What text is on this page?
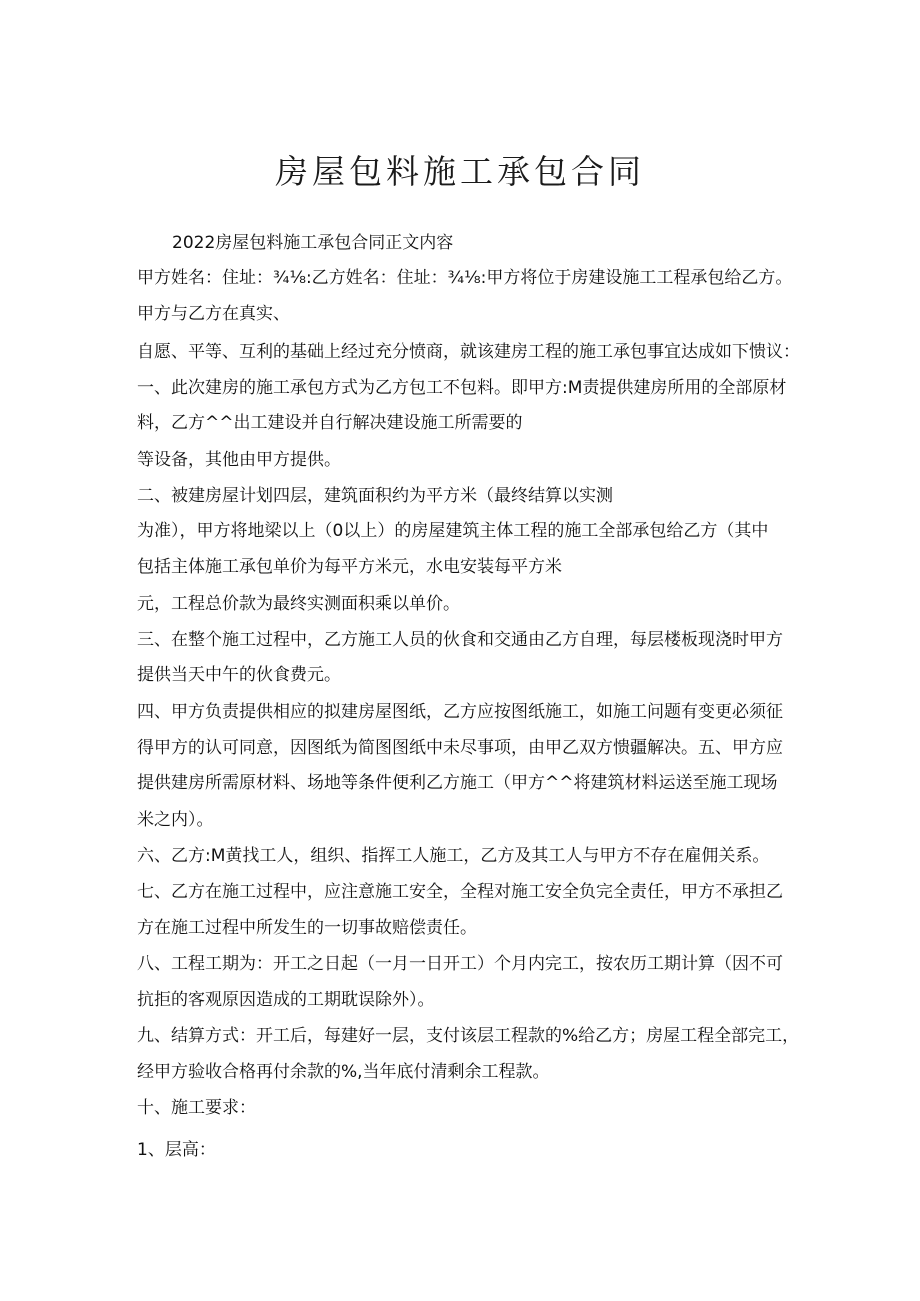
房屋包料施工承包合同
2022房屋包料施工承包合同正文内容
甲方姓名：住址：¾⅛:乙方姓名：住址：¾⅛:甲方将位于房建设施工工程承包给乙方。
甲方与乙方在真实、
自愿、平等、互利的基础上经过充分愤商，就该建房工程的施工承包事宜达成如下愦议：
一、此次建房的施工承包方式为乙方包工不包料。即甲方:M责提供建房所用的全部原材
料，乙方^^出工建设并自行解决建设施工所需要的
等设备，其他由甲方提供。
二、被建房屋计划四层，建筑面积约为平方米（最终结算以实测
为准），甲方将地梁以上（0以上）的房屋建筑主体工程的施工全部承包给乙方（其中
包括主体施工承包单价为每平方米元，水电安装每平方米
元，工程总价款为最终实测面积乘以单价。
三、在整个施工过程中，乙方施工人员的伙食和交通由乙方自理，每层楼板现浇时甲方
提供当天中午的伙食费元。
四、甲方负责提供相应的拟建房屋图纸，乙方应按图纸施工，如施工问题有变更必须征
得甲方的认可同意，因图纸为简图图纸中未尽事项，由甲乙双方愦疆解决。五、甲方应
提供建房所需原材料、场地等条件便利乙方施工（甲方^^将建筑材料运送至施工现场
米之内）。
六、乙方:M黄找工人，组织、指挥工人施工，乙方及其工人与甲方不存在雇佣关系。
七、乙方在施工过程中，应注意施工安全，全程对施工安全负完全责任，甲方不承担乙
方在施工过程中所发生的一切事故赔偿责任。
八、工程工期为：开工之日起（一月一日开工）个月内完工，按农历工期计算（因不可
抗拒的客观原因造成的工期耽误除外）。
九、结算方式：开工后，每建好一层，支付该层工程款的%给乙方；房屋工程全部完工，
经甲方验收合格再付余款的%,当年底付清剩余工程款。
十、施工要求：
1、层高：
